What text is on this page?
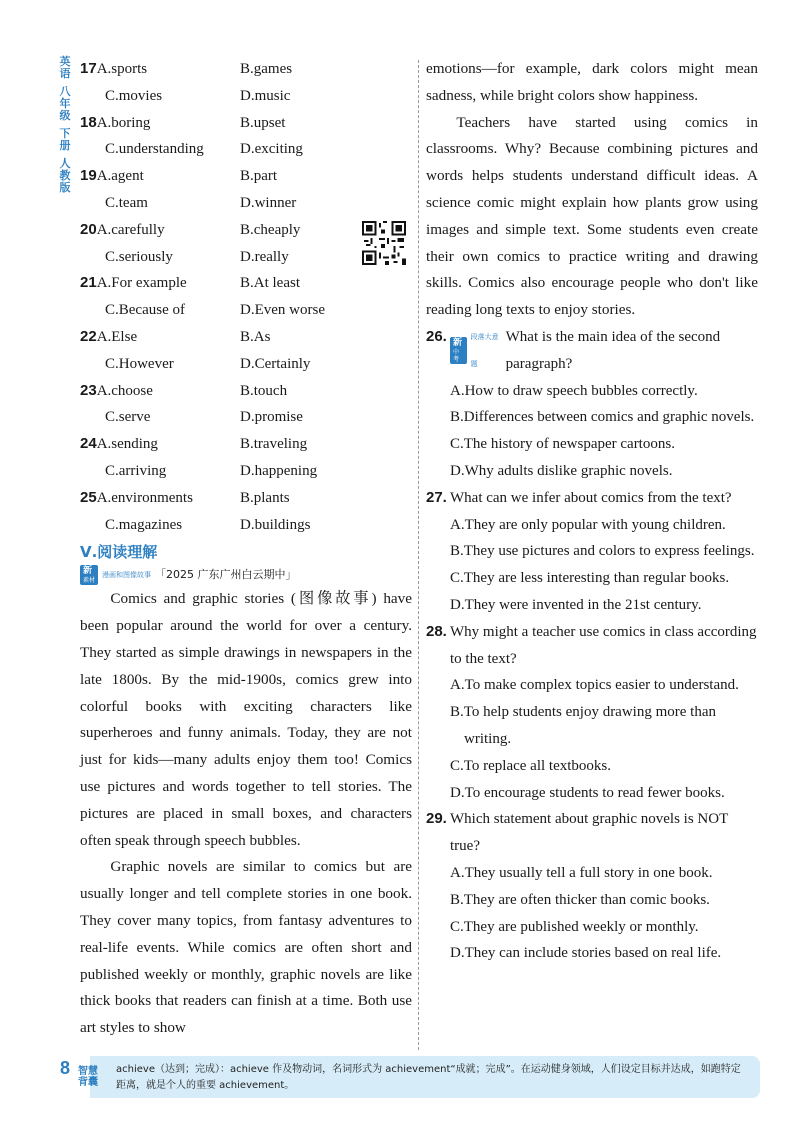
英语
八年级
下册
人教版
17A.sports	B.games
C.movies	D.music
18A.boring	B.upset
C.understanding D.exciting
19A.agent	B.part
C.team	D.winner
20A.carefully	B.cheaply
C.seriously	D.really
21A.For example	B.At least
C.Because of	D.Even worse
22A.Else	B.As
C.However	D.Certainly
23A.choose	B.touch
C.serve	D.promise
24A.sending	B.traveling
C.arriving	D.happening
25A.environments	B.plants
C.magazines	D.buildings
Ⅴ.阅读理解
新
素材
漫画和图像故事 「2025 广东广州白云期中」

Comics and graphic stories (图像故事) have been popular around the world for over a century. They started as simple drawings in newspapers in the late 1800s. By the mid-1900s, comics grew into colorful books with exciting characters like superheroes and funny animals. Today, they are not just for kids—many adults enjoy them too! Comics use pictures and words together to tell stories. The pictures are placed in small boxes, and characters often speak through speech bubbles.

Graphic novels are similar to comics but are usually longer and tell complete stories in one book. They cover many topics, from fantasy adventures to real-life events. While comics are often short and published weekly or monthly, graphic novels are like thick books that readers can finish at a time. Both use art styles to show

emotions—for example, dark colors might mean sadness, while bright colors show happiness.

Teachers have started using comics in classrooms. Why? Because combining pictures and words helps students understand difficult ideas. A science comic might explain how plants grow using images and simple text. Some students even create their own comics to practice writing and drawing skills. Comics also encourage people who don't like reading long texts to enjoy stories.

26. 新
中考
段落大意题
What is the main idea of the second paragraph?

A.How to draw speech bubbles correctly.

B.Differences between comics and graphic novels.

C.The history of newspaper cartoons.

D.Why adults dislike graphic novels.

27. What can we infer about comics from the text?

A.They are only popular with young children.

B.They use pictures and colors to express feelings.

C.They are less interesting than regular books.

D.They were invented in the 21st century.

28. Why might a teacher use comics in class according to the text?

A.To make complex topics easier to understand.

B.To help students enjoy drawing more than writing.

C.To replace all textbooks.

D.To encourage students to read fewer books.

29. Which statement about graphic novels is NOT true?

A.They usually tell a full story in one book.

B.They are often thicker than comic books.

C.They are published weekly or monthly.

D.They can include stories based on real life.

8 智慧背囊
achieve（达到；完成）：achieve 作及物动词，名词形式为 achievement“成就；完成”。在运动健身领域，人们设定目标并达成，如跑特定距离，就是个人的重要 achievement。
